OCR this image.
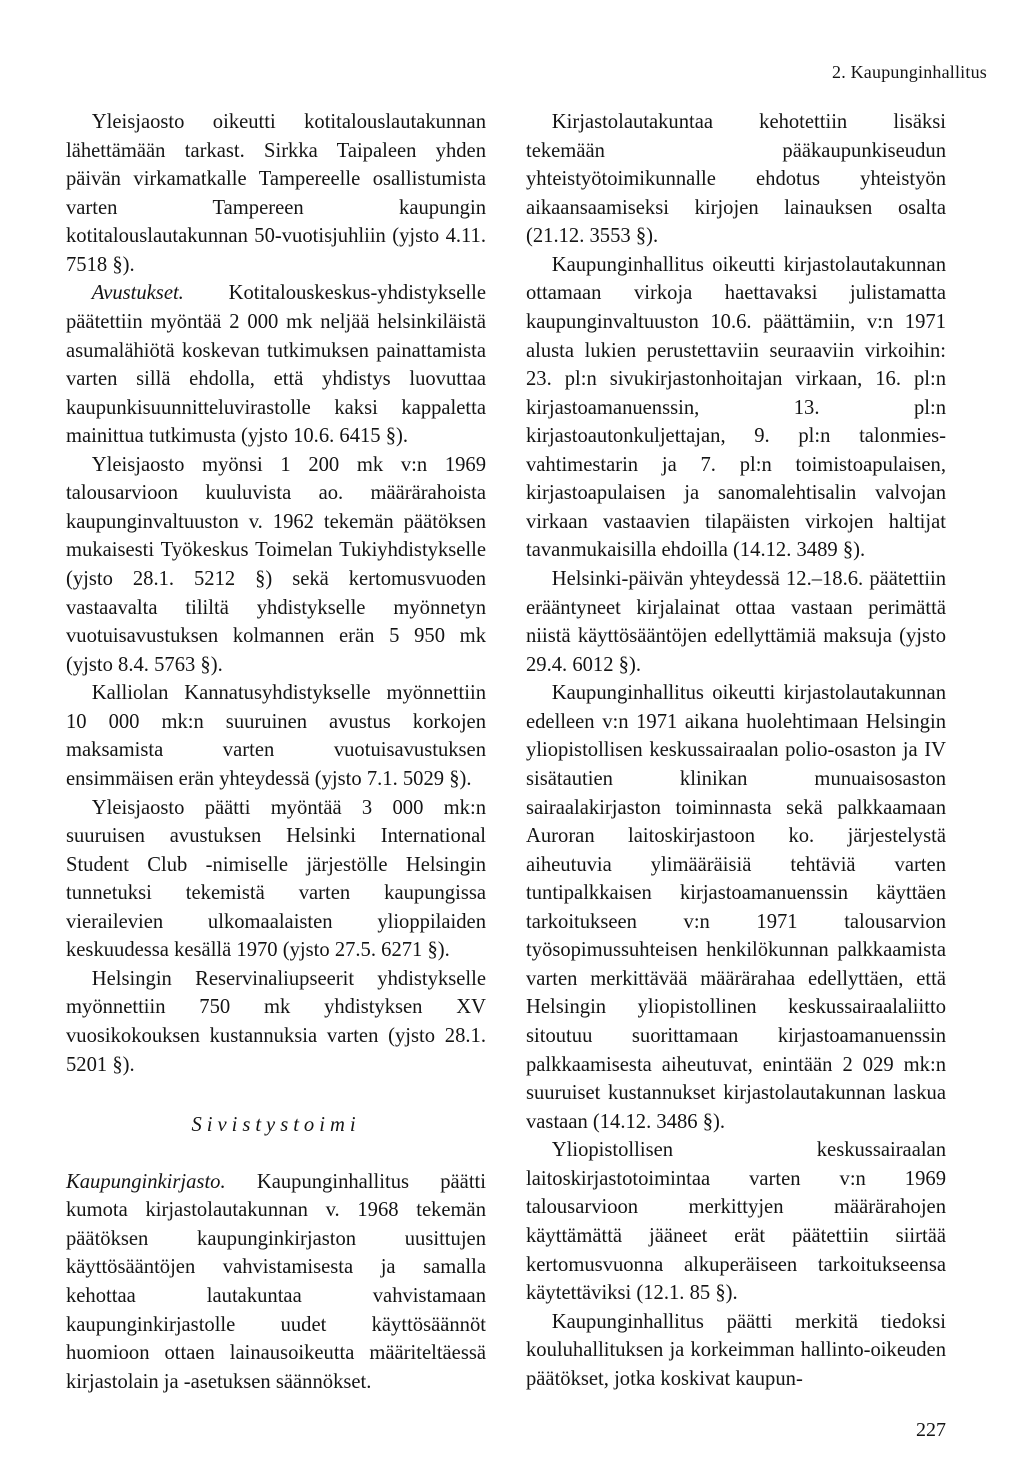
2. Kaupunginhallitus

Yleisjaosto oikeutti kotitalouslautakunnan lähettämään tarkast. Sirkka Taipaleen yhden päivän virkamatkalle Tampereelle osallistumista varten Tampereen kaupungin kotitalouslautakunnan 50-vuotisjuhliin (yjsto 4.11. 7518 §).

Avustukset. Kotitalouskeskus-yhdistykselle päätettiin myöntää 2 000 mk neljää helsinkiläistä asumalähiötä koskevan tutkimuksen painattamista varten sillä ehdolla, että yhdistys luovuttaa kaupunkisuunnitteluvirastolle kaksi kappaletta mainittua tutkimusta (yjsto 10.6. 6415 §).

Yleisjaosto myönsi 1 200 mk v:n 1969 talousarvioon kuuluvista ao. määrärahoista kaupunginvaltuuston v. 1962 tekemän päätöksen mukaisesti Työkeskus Toimelan Tukiyhdistykselle (yjsto 28.1. 5212 §) sekä kertomusvuoden vastaavalta tililtä yhdistykselle myönnetyn vuotuisavustuksen kolmannen erän 5 950 mk (yjsto 8.4. 5763 §).

Kalliolan Kannatusyhdistykselle myönnettiin 10 000 mk:n suuruinen avustus korkojen maksamista varten vuotuisavustuksen ensimmäisen erän yhteydessä (yjsto 7.1. 5029 §).

Yleisjaosto päätti myöntää 3 000 mk:n suuruisen avustuksen Helsinki International Student Club -nimiselle järjestölle Helsingin tunnetuksi tekemistä varten kaupungissa vierailevien ulkomaalaisten ylioppilaiden keskuudessa kesällä 1970 (yjsto 27.5. 6271 §).

Helsingin Reservinaliupseerit yhdistykselle myönnettiin 750 mk yhdistyksen XV vuosikokouksen kustannuksia varten (yjsto 28.1. 5201 §).

Sivistystoimi

Kaupunginkirjasto. Kaupunginhallitus päätti kumota kirjastolautakunnan v. 1968 tekemän päätöksen kaupunginkirjaston uusittujen käyttösääntöjen vahvistamisesta ja samalla kehottaa lautakuntaa vahvistamaan kaupunginkirjastolle uudet käyttösäännöt huomioon ottaen lainausoikeutta määriteltäessä kirjastolain ja -asetuksen säännökset.

Kirjastolautakuntaa kehotettiin lisäksi tekemään pääkaupunkiseudun yhteistyötoimikunnalle ehdotus yhteistyön aikaansaamiseksi kirjojen lainauksen osalta (21.12. 3553 §).

Kaupunginhallitus oikeutti kirjastolautakunnan ottamaan virkoja haettavaksi julistamatta kaupunginvaltuuston 10.6. päättämiin, v:n 1971 alusta lukien perustettaviin seuraaviin virkoihin: 23. pl:n sivukirjastonhoitajan virkaan, 16. pl:n kirjastoamanuenssin, 13. pl:n kirjastoautonkuljettajan, 9. pl:n talonmies-vahtimestarin ja 7. pl:n toimistoapulaisen, kirjastoapulaisen ja sanomalehtisalin valvojan virkaan vastaavien tilapäisten virkojen haltijat tavanmukaisilla ehdoilla (14.12. 3489 §).

Helsinki-päivän yhteydessä 12.–18.6. päätettiin erääntyneet kirjalainat ottaa vastaan perimättä niistä käyttösääntöjen edellyttämiä maksuja (yjsto 29.4. 6012 §).

Kaupunginhallitus oikeutti kirjastolautakunnan edelleen v:n 1971 aikana huolehtimaan Helsingin yliopistollisen keskussairaalan polio-osaston ja IV sisätautien klinikan munuaisosaston sairaalakirjaston toiminnasta sekä palkkaamaan Auroran laitoskirjastoon ko. järjestelystä aiheutuvia ylimääräisiä tehtäviä varten tuntipalkkaisen kirjastoamanuenssin käyttäen tarkoitukseen v:n 1971 talousarvion työsopimussuhteisen henkilökunnan palkkaamista varten merkittävää määrärahaa edellyttäen, että Helsingin yliopistollinen keskussairaalaliitto sitoutuu suorittamaan kirjastoamanuenssin palkkaamisesta aiheutuvat, enintään 2 029 mk:n suuruiset kustannukset kirjastolautakunnan laskua vastaan (14.12. 3486 §).

Yliopistollisen keskussairaalan laitoskirjastotoimintaa varten v:n 1969 talousarvioon merkittyjen määrärahojen käyttämättä jääneet erät päätettiin siirtää kertomusvuonna alkuperäiseen tarkoitukseensa käytettäviksi (12.1. 85 §).

Kaupunginhallitus päätti merkitä tiedoksi kouluhallituksen ja korkeimman hallinto-oikeuden päätökset, jotka koskivat kaupun-

227
